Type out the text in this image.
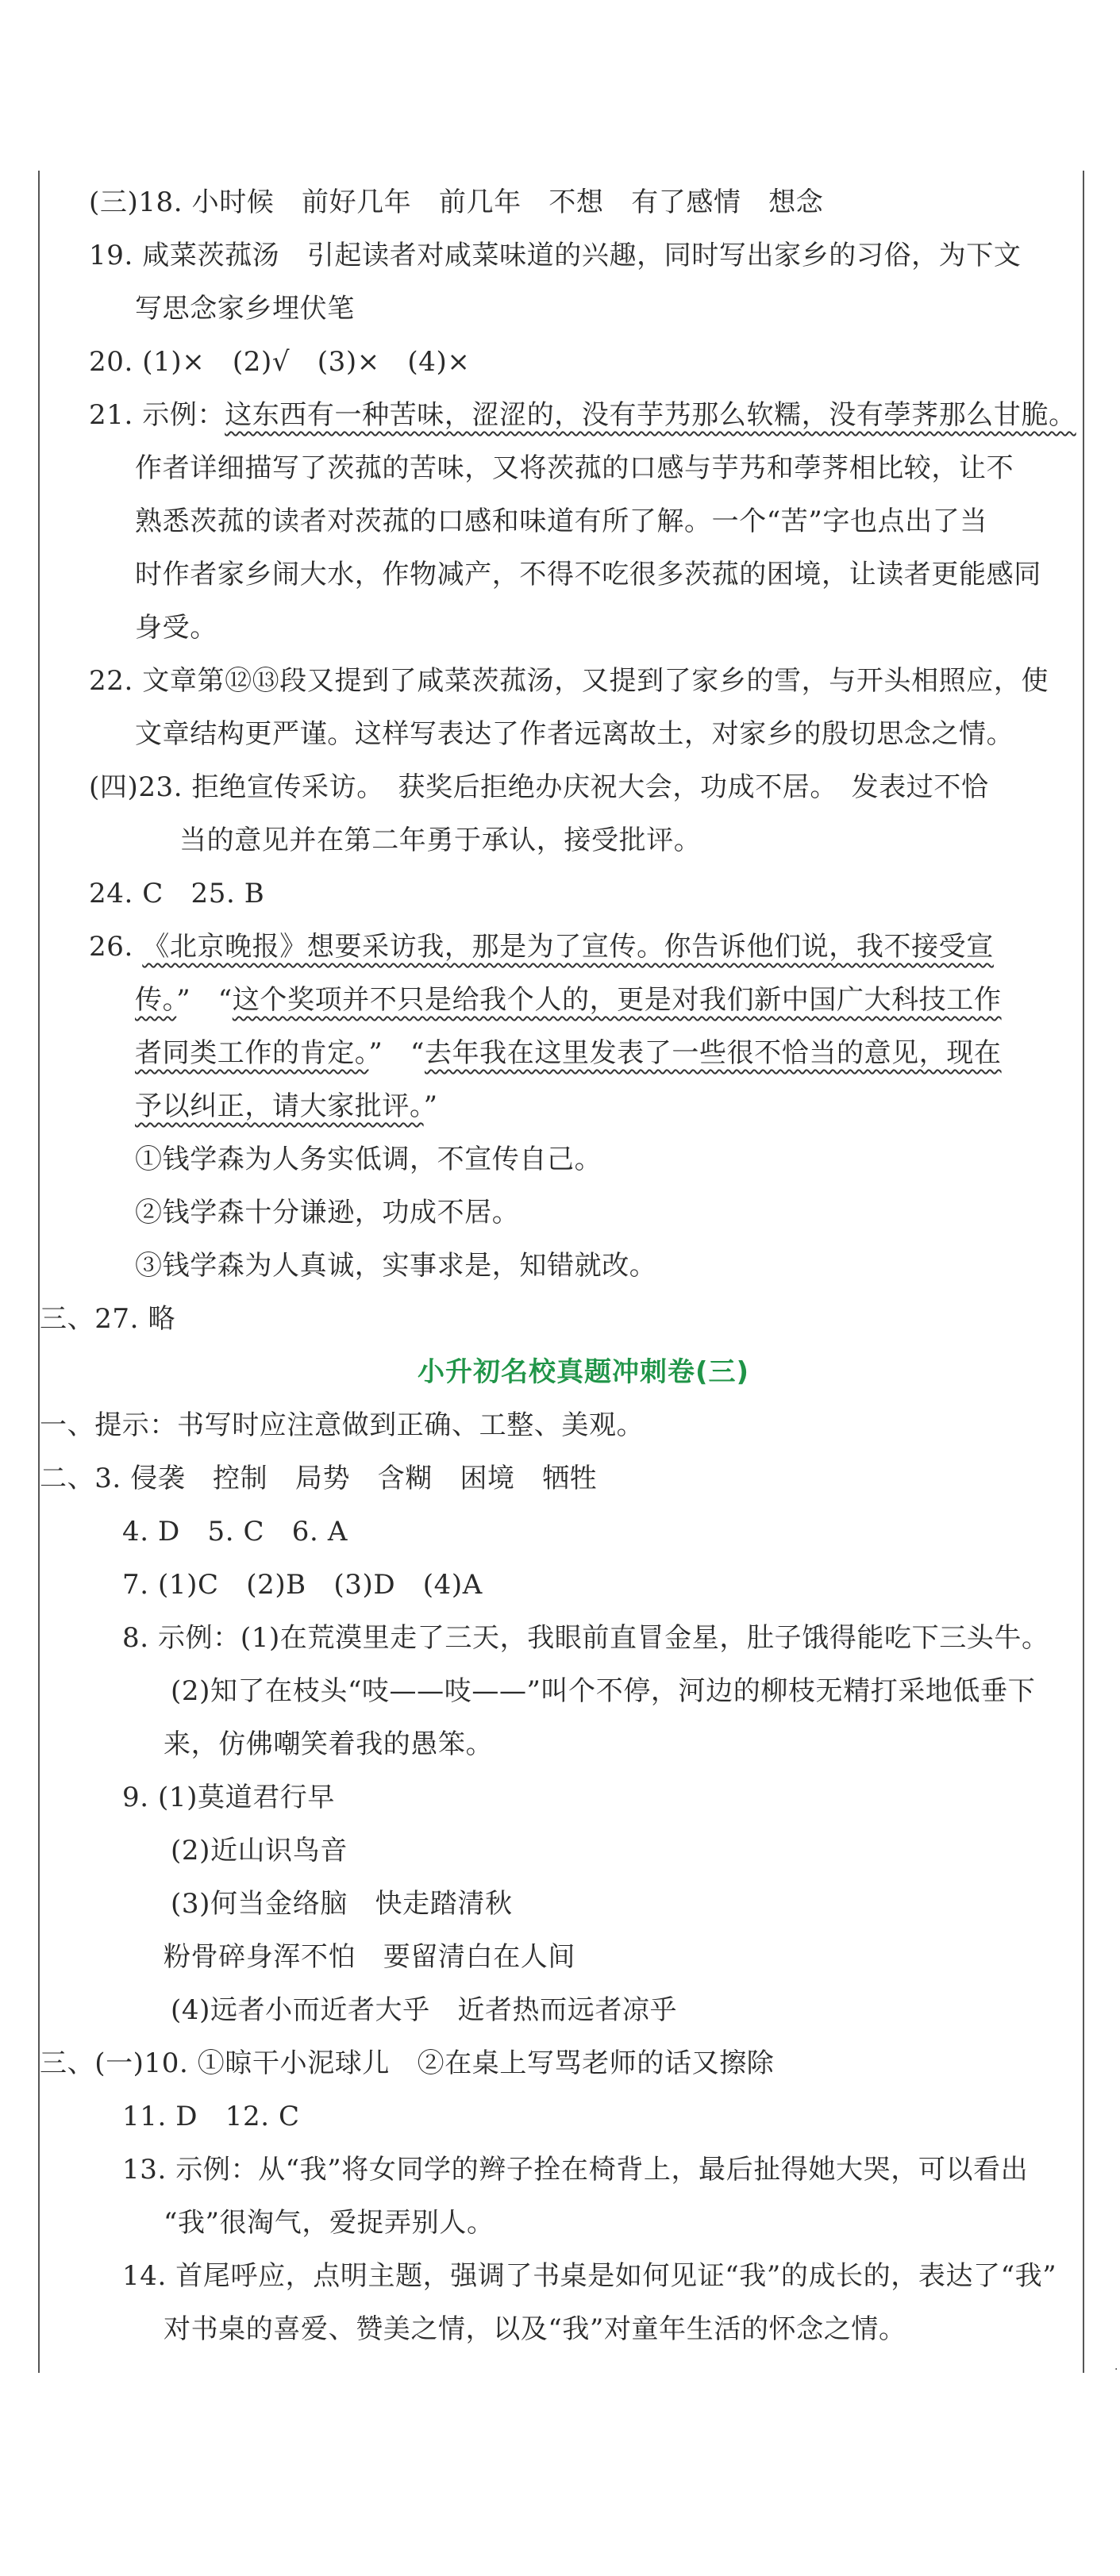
(三)18. 小时候　前好几年　前几年　不想　有了感情　想念
19. 咸菜茨菰汤　引起读者对咸菜味道的兴趣，同时写出家乡的习俗，为下文
写思念家乡埋伏笔
20. (1)×　(2)√　(3)×　(4)×
21. 示例：这东西有一种苦味，涩涩的，没有芋艿那么软糯，没有荸荠那么甘脆。
作者详细描写了茨菰的苦味，又将茨菰的口感与芋艿和荸荠相比较，让不
熟悉茨菰的读者对茨菰的口感和味道有所了解。一个“苦”字也点出了当
时作者家乡闹大水，作物减产，不得不吃很多茨菰的困境，让读者更能感同
身受。
22. 文章第⑫⑬段又提到了咸菜茨菰汤，又提到了家乡的雪，与开头相照应，使
文章结构更严谨。这样写表达了作者远离故土，对家乡的殷切思念之情。
(四)23. 拒绝宣传采访。　获奖后拒绝办庆祝大会，功成不居。　发表过不恰
当的意见并在第二年勇于承认，接受批评。
24. C　25. B
26. 《北京晚报》想要采访我，那是为了宣传。你告诉他们说，我不接受宣
传。”　“这个奖项并不只是给我个人的，更是对我们新中国广大科技工作
者同类工作的肯定。”　“去年我在这里发表了一些很不恰当的意见，现在
予以纠正，请大家批评。”
①钱学森为人务实低调，不宣传自己。
②钱学森十分谦逊，功成不居。
③钱学森为人真诚，实事求是，知错就改。
三、27. 略
小升初名校真题冲刺卷(三)
一、提示：书写时应注意做到正确、工整、美观。
二、3. 侵袭　控制　局势　含糊　困境　牺牲
4. D　5. C　6. A
7. (1)C　(2)B　(3)D　(4)A
8. 示例：(1)在荒漠里走了三天，我眼前直冒金星，肚子饿得能吃下三头牛。
(2)知了在枝头“吱——吱——”叫个不停，河边的柳枝无精打采地低垂下
来，仿佛嘲笑着我的愚笨。
9. (1)莫道君行早
(2)近山识鸟音
(3)何当金络脑　快走踏清秋
粉骨碎身浑不怕　要留清白在人间
(4)远者小而近者大乎　近者热而远者凉乎
三、(一)10. ①晾干小泥球儿　②在桌上写骂老师的话又擦除
11. D　12. C
13. 示例：从“我”将女同学的辫子拴在椅背上，最后扯得她大哭，可以看出
“我”很淘气，爱捉弄别人。
14. 首尾呼应，点明主题，强调了书桌是如何见证“我”的成长的，表达了“我”
对书桌的喜爱、赞美之情，以及“我”对童年生活的怀念之情。
·
